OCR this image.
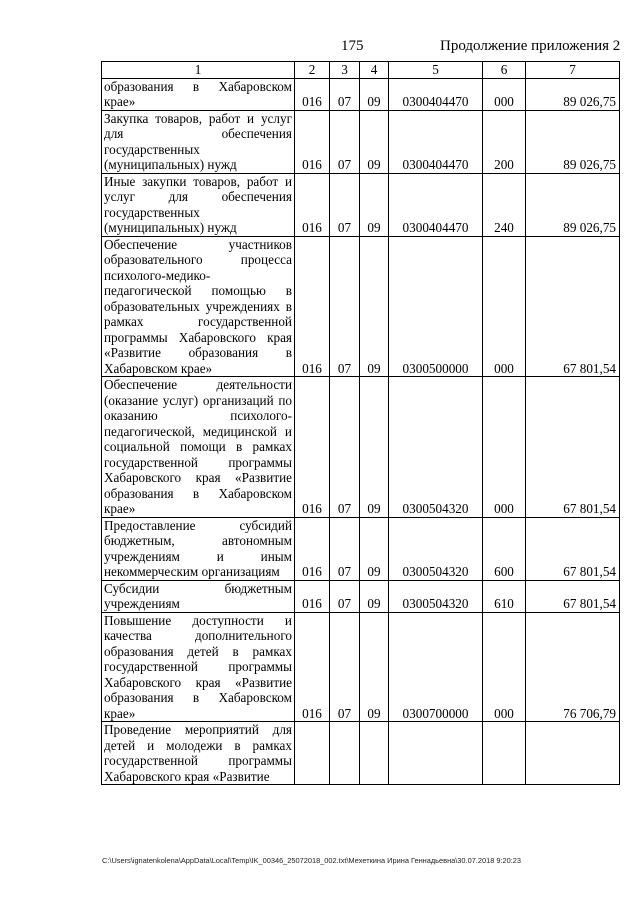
175	Продолжение приложения 2
1	2	3	4	5	6	7
образования в Хабаровском крае»	016	07	09	0300404470	000	89 026,75
Закупка товаров, работ и услуг для обеспечения государственных (муниципальных) нужд	016	07	09	0300404470	200	89 026,75
Иные закупки товаров, работ и услуг для обеспечения государственных (муниципальных) нужд	016	07	09	0300404470	240	89 026,75
Обеспечение участников образовательного процесса психолого-медико-педагогической помощью в образовательных учреждениях в рамках государственной программы Хабаровского края «Развитие образования в Хабаровском крае»	016	07	09	0300500000	000	67 801,54
Обеспечение деятельности (оказание услуг) организаций по оказанию психолого-педагогической, медицинской и социальной помощи в рамках государственной программы Хабаровского края «Развитие образования в Хабаровском крае»	016	07	09	0300504320	000	67 801,54
Предоставление субсидий бюджетным, автономным учреждениям и иным некоммерческим организациям	016	07	09	0300504320	600	67 801,54
Субсидии бюджетным учреждениям	016	07	09	0300504320	610	67 801,54
Повышение доступности и качества дополнительного образования детей в рамках государственной программы Хабаровского края «Развитие образования в Хабаровском крае»	016	07	09	0300700000	000	76 706,79
Проведение мероприятий для детей и молодежи в рамках государственной программы Хабаровского края «Развитие						
C:\Users\ignatenkolena\AppData\Local\Temp\IK_00346_25072018_002.txt\Мехеткина Ирина Геннадьевна\30.07.2018 9:20:23
